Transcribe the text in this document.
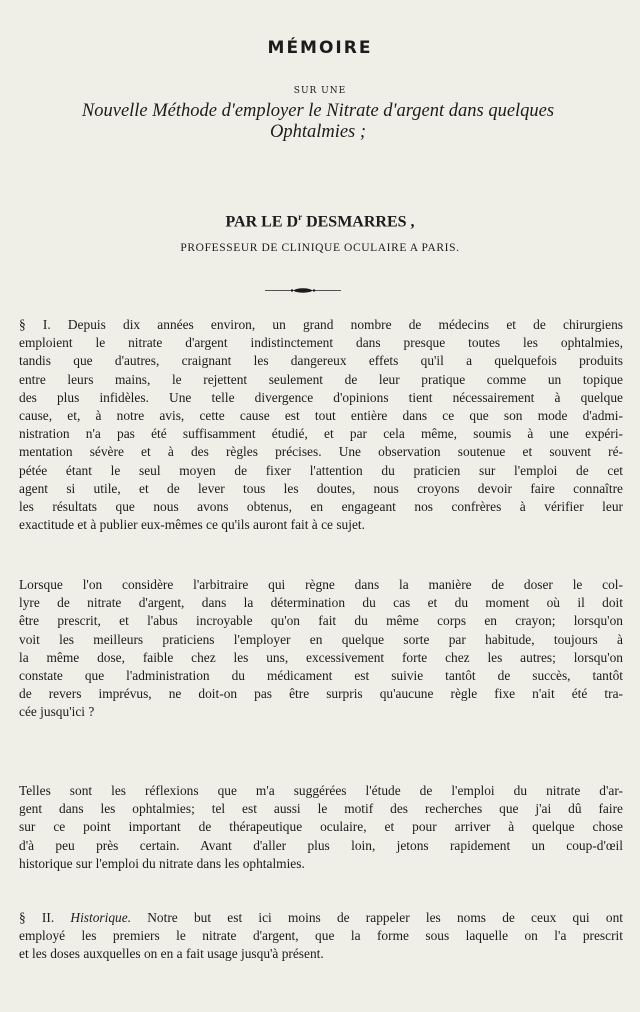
MÉMOIRE
SUR UNE
Nouvelle Méthode d'employer le Nitrate d'argent dans quelques
Ophtalmies ;
PAR LE $D^r$ DESMARRES ,
PROFESSEUR DE CLINIQUE OCULAIRE A PARIS.
§ I. Depuis dix années environ, un grand nombre de médecins et de chirurgiens
emploient le nitrate d'argent indistinctement dans presque toutes les ophtalmies,
tandis que d'autres, craignant les dangereux effets qu'il a quelquefois produits
entre leurs mains, le rejettent seulement de leur pratique comme un topique
des plus infidèles. Une telle divergence d'opinions tient nécessairement à quelque
cause, et, à notre avis, cette cause est tout entière dans ce que son mode d'admi-
nistration n'a pas été suffisamment étudié, et par cela même, soumis à une expéri-
mentation sévère et à des règles précises. Une observation soutenue et souvent ré-
pétée étant le seul moyen de fixer l'attention du praticien sur l'emploi de cet
agent si utile, et de lever tous les doutes, nous croyons devoir faire connaître
les résultats que nous avons obtenus, en engageant nos confrères à vérifier leur
exactitude et à publier eux-mêmes ce qu'ils auront fait à ce sujet.
Lorsque l'on considère l'arbitraire qui règne dans la manière de doser le col-
lyre de nitrate d'argent, dans la détermination du cas et du moment où il doit
être prescrit, et l'abus incroyable qu'on fait du même corps en crayon; lorsqu'on
voit les meilleurs praticiens l'employer en quelque sorte par habitude, toujours à
la même dose, faible chez les uns, excessivement forte chez les autres; lorsqu'on
constate que l'administration du médicament est suivie tantôt de succès, tantôt
de revers imprévus, ne doit-on pas être surpris qu'aucune règle fixe n'ait été tra-
cée jusqu'ici ?
Telles sont les réflexions que m'a suggérées l'étude de l'emploi du nitrate d'ar-
gent dans les ophtalmies; tel est aussi le motif des recherches que j'ai dû faire
sur ce point important de thérapeutique oculaire, et pour arriver à quelque chose
d'à peu près certain. Avant d'aller plus loin, jetons rapidement un coup-d'œil
historique sur l'emploi du nitrate dans les ophtalmies.
§ II. Historique. Notre but est ici moins de rappeler les noms de ceux qui ont
employé les premiers le nitrate d'argent, que la forme sous laquelle on l'a prescrit
et les doses auxquelles on en a fait usage jusqu'à présent.
